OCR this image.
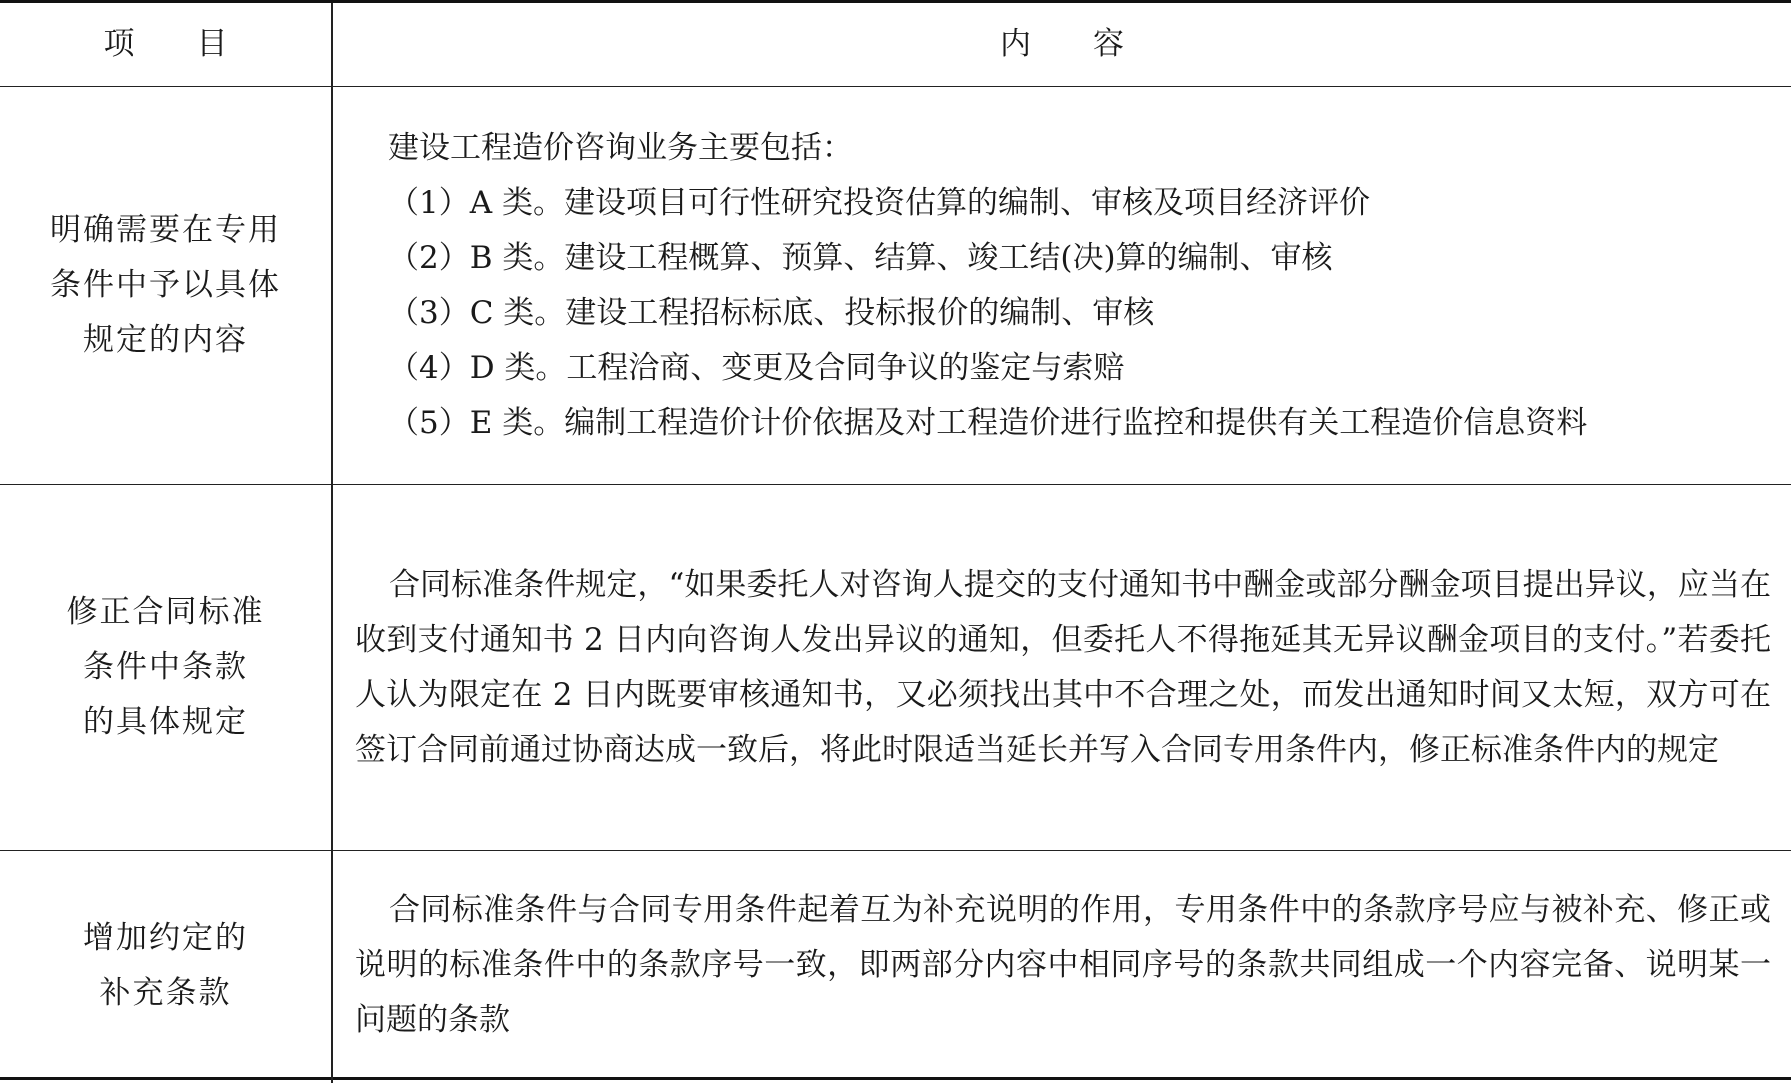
项　　目	内　　容
明确需要在专用
条件中予以具体
规定的内容
建设工程造价咨询业务主要包括：
（1）A 类。建设项目可行性研究投资估算的编制、审核及项目经济评价
（2）B 类。建设工程概算、预算、结算、竣工结(决)算的编制、审核
（3）C 类。建设工程招标标底、投标报价的编制、审核
（4）D 类。工程洽商、变更及合同争议的鉴定与索赔
（5）E 类。编制工程造价计价依据及对工程造价进行监控和提供有关工程造价信息资料
修正合同标准
条件中条款
的具体规定
合同标准条件规定，“如果委托人对咨询人提交的支付通知书中酬金或部分酬金项目提出异议，应当在收到支付通知书 2 日内向咨询人发出异议的通知，但委托人不得拖延其无异议酬金项目的支付。”若委托人认为限定在 2 日内既要审核通知书，又必须找出其中不合理之处，而发出通知时间又太短，双方可在签订合同前通过协商达成一致后，将此时限适当延长并写入合同专用条件内，修正标准条件内的规定
增加约定的
补充条款
合同标准条件与合同专用条件起着互为补充说明的作用，专用条件中的条款序号应与被补充、修正或说明的标准条件中的条款序号一致，即两部分内容中相同序号的条款共同组成一个内容完备、说明某一问题的条款
